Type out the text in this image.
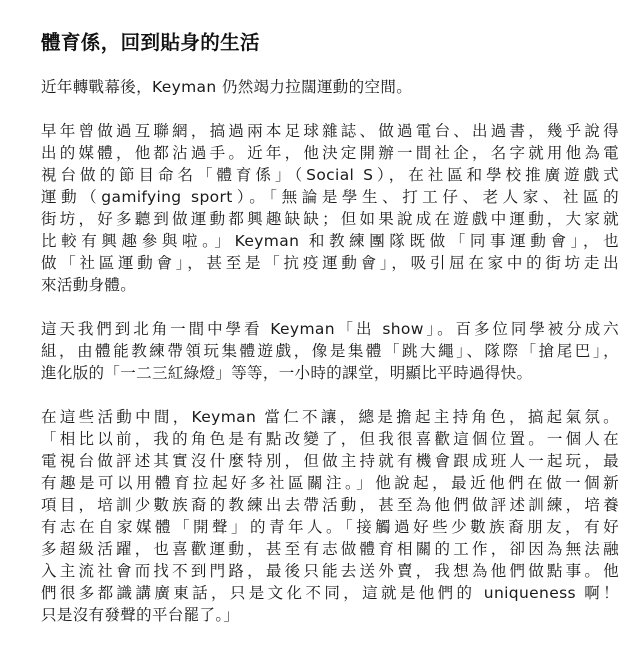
體育係，回到貼身的生活

近年轉戰幕後，Keyman 仍然竭力拉闊運動的空間。

早年曾做過互聯網，搞過兩本足球雜誌、做過電台、出過書，幾乎說得
出的媒體，他都沾過手。近年，他決定開辦一間社企，名字就用他為電
視台做的節目命名「體育係」（Social S），在社區和學校推廣遊戲式
運動（gamifying sport）。「無論是學生、打工仔、老人家、社區的
街坊，好多聽到做運動都興趣缺缺；但如果說成在遊戲中運動，大家就
比較有興趣參與啦。」Keyman 和教練團隊既做「同事運動會」，也
做「社區運動會」，甚至是「抗疫運動會」，吸引屈在家中的街坊走出
來活動身體。

這天我們到北角一間中學看 Keyman「出 show」。百多位同學被分成六
組，由體能教練帶領玩集體遊戲，像是集體「跳大繩」、隊際「搶尾巴」，
進化版的「一二三紅綠燈」等等，一小時的課堂，明顯比平時過得快。

在這些活動中間，Keyman 當仁不讓，總是擔起主持角色，搞起氣氛。
「相比以前，我的角色是有點改變了，但我很喜歡這個位置。一個人在
電視台做評述其實沒什麼特別，但做主持就有機會跟成班人一起玩，最
有趣是可以用體育拉起好多社區關注。」他說起，最近他們在做一個新
項目，培訓少數族裔的教練出去帶活動，甚至為他們做評述訓練，培養
有志在自家媒體「開聲」的青年人。「接觸過好些少數族裔朋友，有好
多超級活躍，也喜歡運動，甚至有志做體育相關的工作，卻因為無法融
入主流社會而找不到門路，最後只能去送外賣，我想為他們做點事。他
們很多都識講廣東話，只是文化不同，這就是他們的 uniqueness 啊！
只是沒有發聲的平台罷了。」
